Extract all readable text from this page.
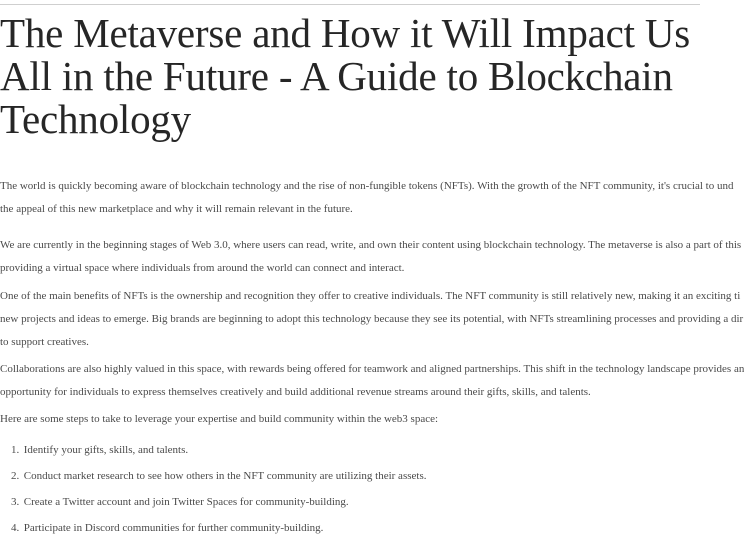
The Metaverse and How it Will Impact Us
All in the Future - A Guide to Blockchain
Technology

The world is quickly becoming aware of blockchain technology and the rise of non-fungible tokens (NFTs). With the growth of the NFT community, it's crucial to und
the appeal of this new marketplace and why it will remain relevant in the future.

We are currently in the beginning stages of Web 3.0, where users can read, write, and own their content using blockchain technology. The metaverse is also a part of this
providing a virtual space where individuals from around the world can connect and interact.

One of the main benefits of NFTs is the ownership and recognition they offer to creative individuals. The NFT community is still relatively new, making it an exciting ti
new projects and ideas to emerge. Big brands are beginning to adopt this technology because they see its potential, with NFTs streamlining processes and providing a dir
to support creatives.

Collaborations are also highly valued in this space, with rewards being offered for teamwork and aligned partnerships. This shift in the technology landscape provides an
opportunity for individuals to express themselves creatively and build additional revenue streams around their gifts, skills, and talents.

Here are some steps to take to leverage your expertise and build community within the web3 space:

1. Identify your gifts, skills, and talents.
2. Conduct market research to see how others in the NFT community are utilizing their assets.
3. Create a Twitter account and join Twitter Spaces for community-building.
4. Participate in Discord communities for further community-building.
